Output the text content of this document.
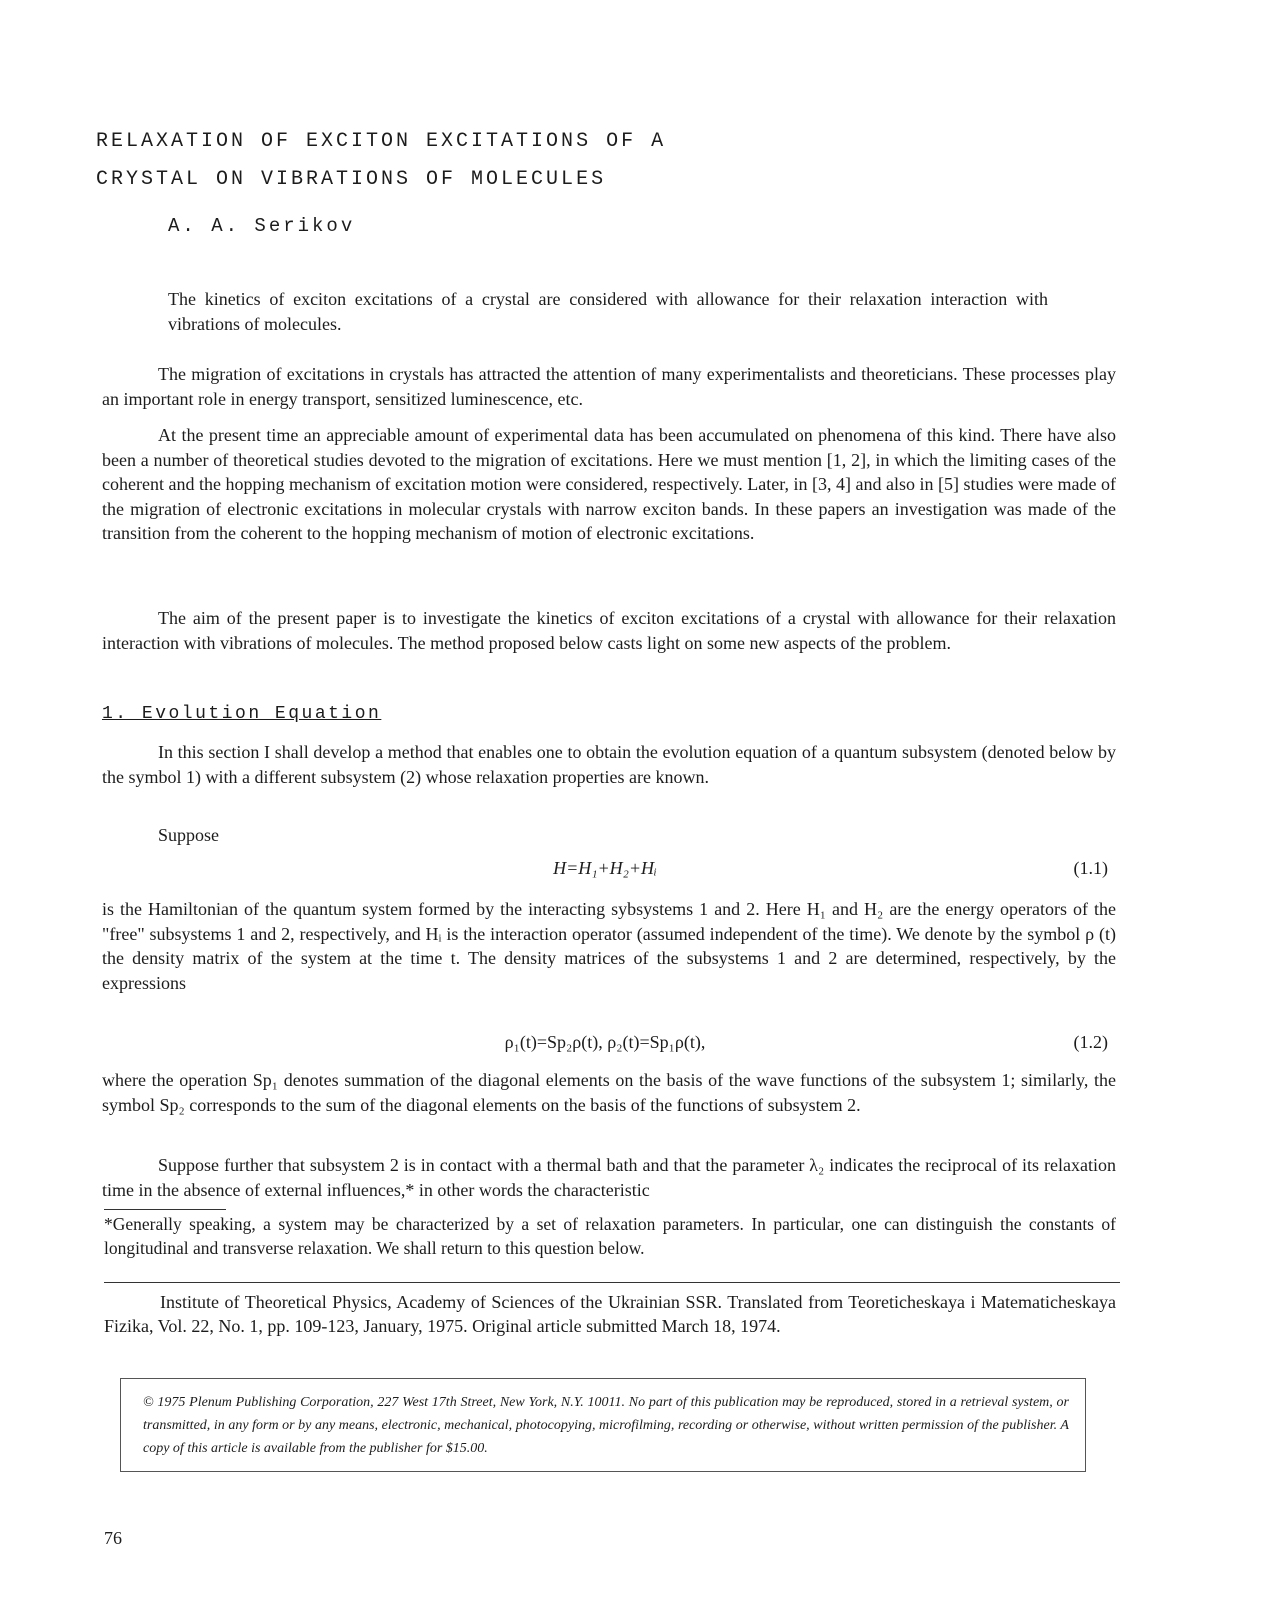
RELAXATION OF EXCITON EXCITATIONS OF A
CRYSTAL ON VIBRATIONS OF MOLECULES
A. A. Serikov

The kinetics of exciton excitations of a crystal are considered with allowance for their relaxation interaction with vibrations of molecules.

The migration of excitations in crystals has attracted the attention of many experimentalists and theoreticians. These processes play an important role in energy transport, sensitized luminescence, etc.

At the present time an appreciable amount of experimental data has been accumulated on phenomena of this kind. There have also been a number of theoretical studies devoted to the migration of excitations. Here we must mention [1, 2], in which the limiting cases of the coherent and the hopping mechanism of excitation motion were considered, respectively. Later, in [3, 4] and also in [5] studies were made of the migration of electronic excitations in molecular crystals with narrow exciton bands. In these papers an investigation was made of the transition from the coherent to the hopping mechanism of motion of electronic excitations.

The aim of the present paper is to investigate the kinetics of exciton excitations of a crystal with allowance for their relaxation interaction with vibrations of molecules. The method proposed below casts light on some new aspects of the problem.

1. Evolution Equation

In this section I shall develop a method that enables one to obtain the evolution equation of a quantum subsystem (denoted below by the symbol 1) with a different subsystem (2) whose relaxation properties are known.

Suppose
H=H₁+H₂+Hᵢ	(1.1)

is the Hamiltonian of the quantum system formed by the interacting sybsystems 1 and 2. Here H₁ and H₂ are the energy operators of the "free" subsystems 1 and 2, respectively, and Hᵢ is the interaction operator (assumed independent of the time). We denote by the symbol ρ (t) the density matrix of the system at the time t. The density matrices of the subsystems 1 and 2 are determined, respectively, by the expressions

ρ₁(t)=Sp₂ρ(t), ρ₂(t)=Sp₁ρ(t),	(1.2)

where the operation Sp₁ denotes summation of the diagonal elements on the basis of the wave functions of the subsystem 1; similarly, the symbol Sp₂ corresponds to the sum of the diagonal elements on the basis of the functions of subsystem 2.

Suppose further that subsystem 2 is in contact with a thermal bath and that the parameter λ₂ indicates the reciprocal of its relaxation time in the absence of external influences,* in other words the characteristic

*Generally speaking, a system may be characterized by a set of relaxation parameters. In particular, one can distinguish the constants of longitudinal and transverse relaxation. We shall return to this question below.

Institute of Theoretical Physics, Academy of Sciences of the Ukrainian SSR. Translated from Teoreticheskaya i Matematicheskaya Fizika, Vol. 22, No. 1, pp. 109-123, January, 1975. Original article submitted March 18, 1974.

© 1975 Plenum Publishing Corporation, 227 West 17th Street, New York, N.Y. 10011. No part of this publication may be reproduced, stored in a retrieval system, or transmitted, in any form or by any means, electronic, mechanical, photocopying, microfilming, recording or otherwise, without written permission of the publisher. A copy of this article is available from the publisher for $15.00.

76
